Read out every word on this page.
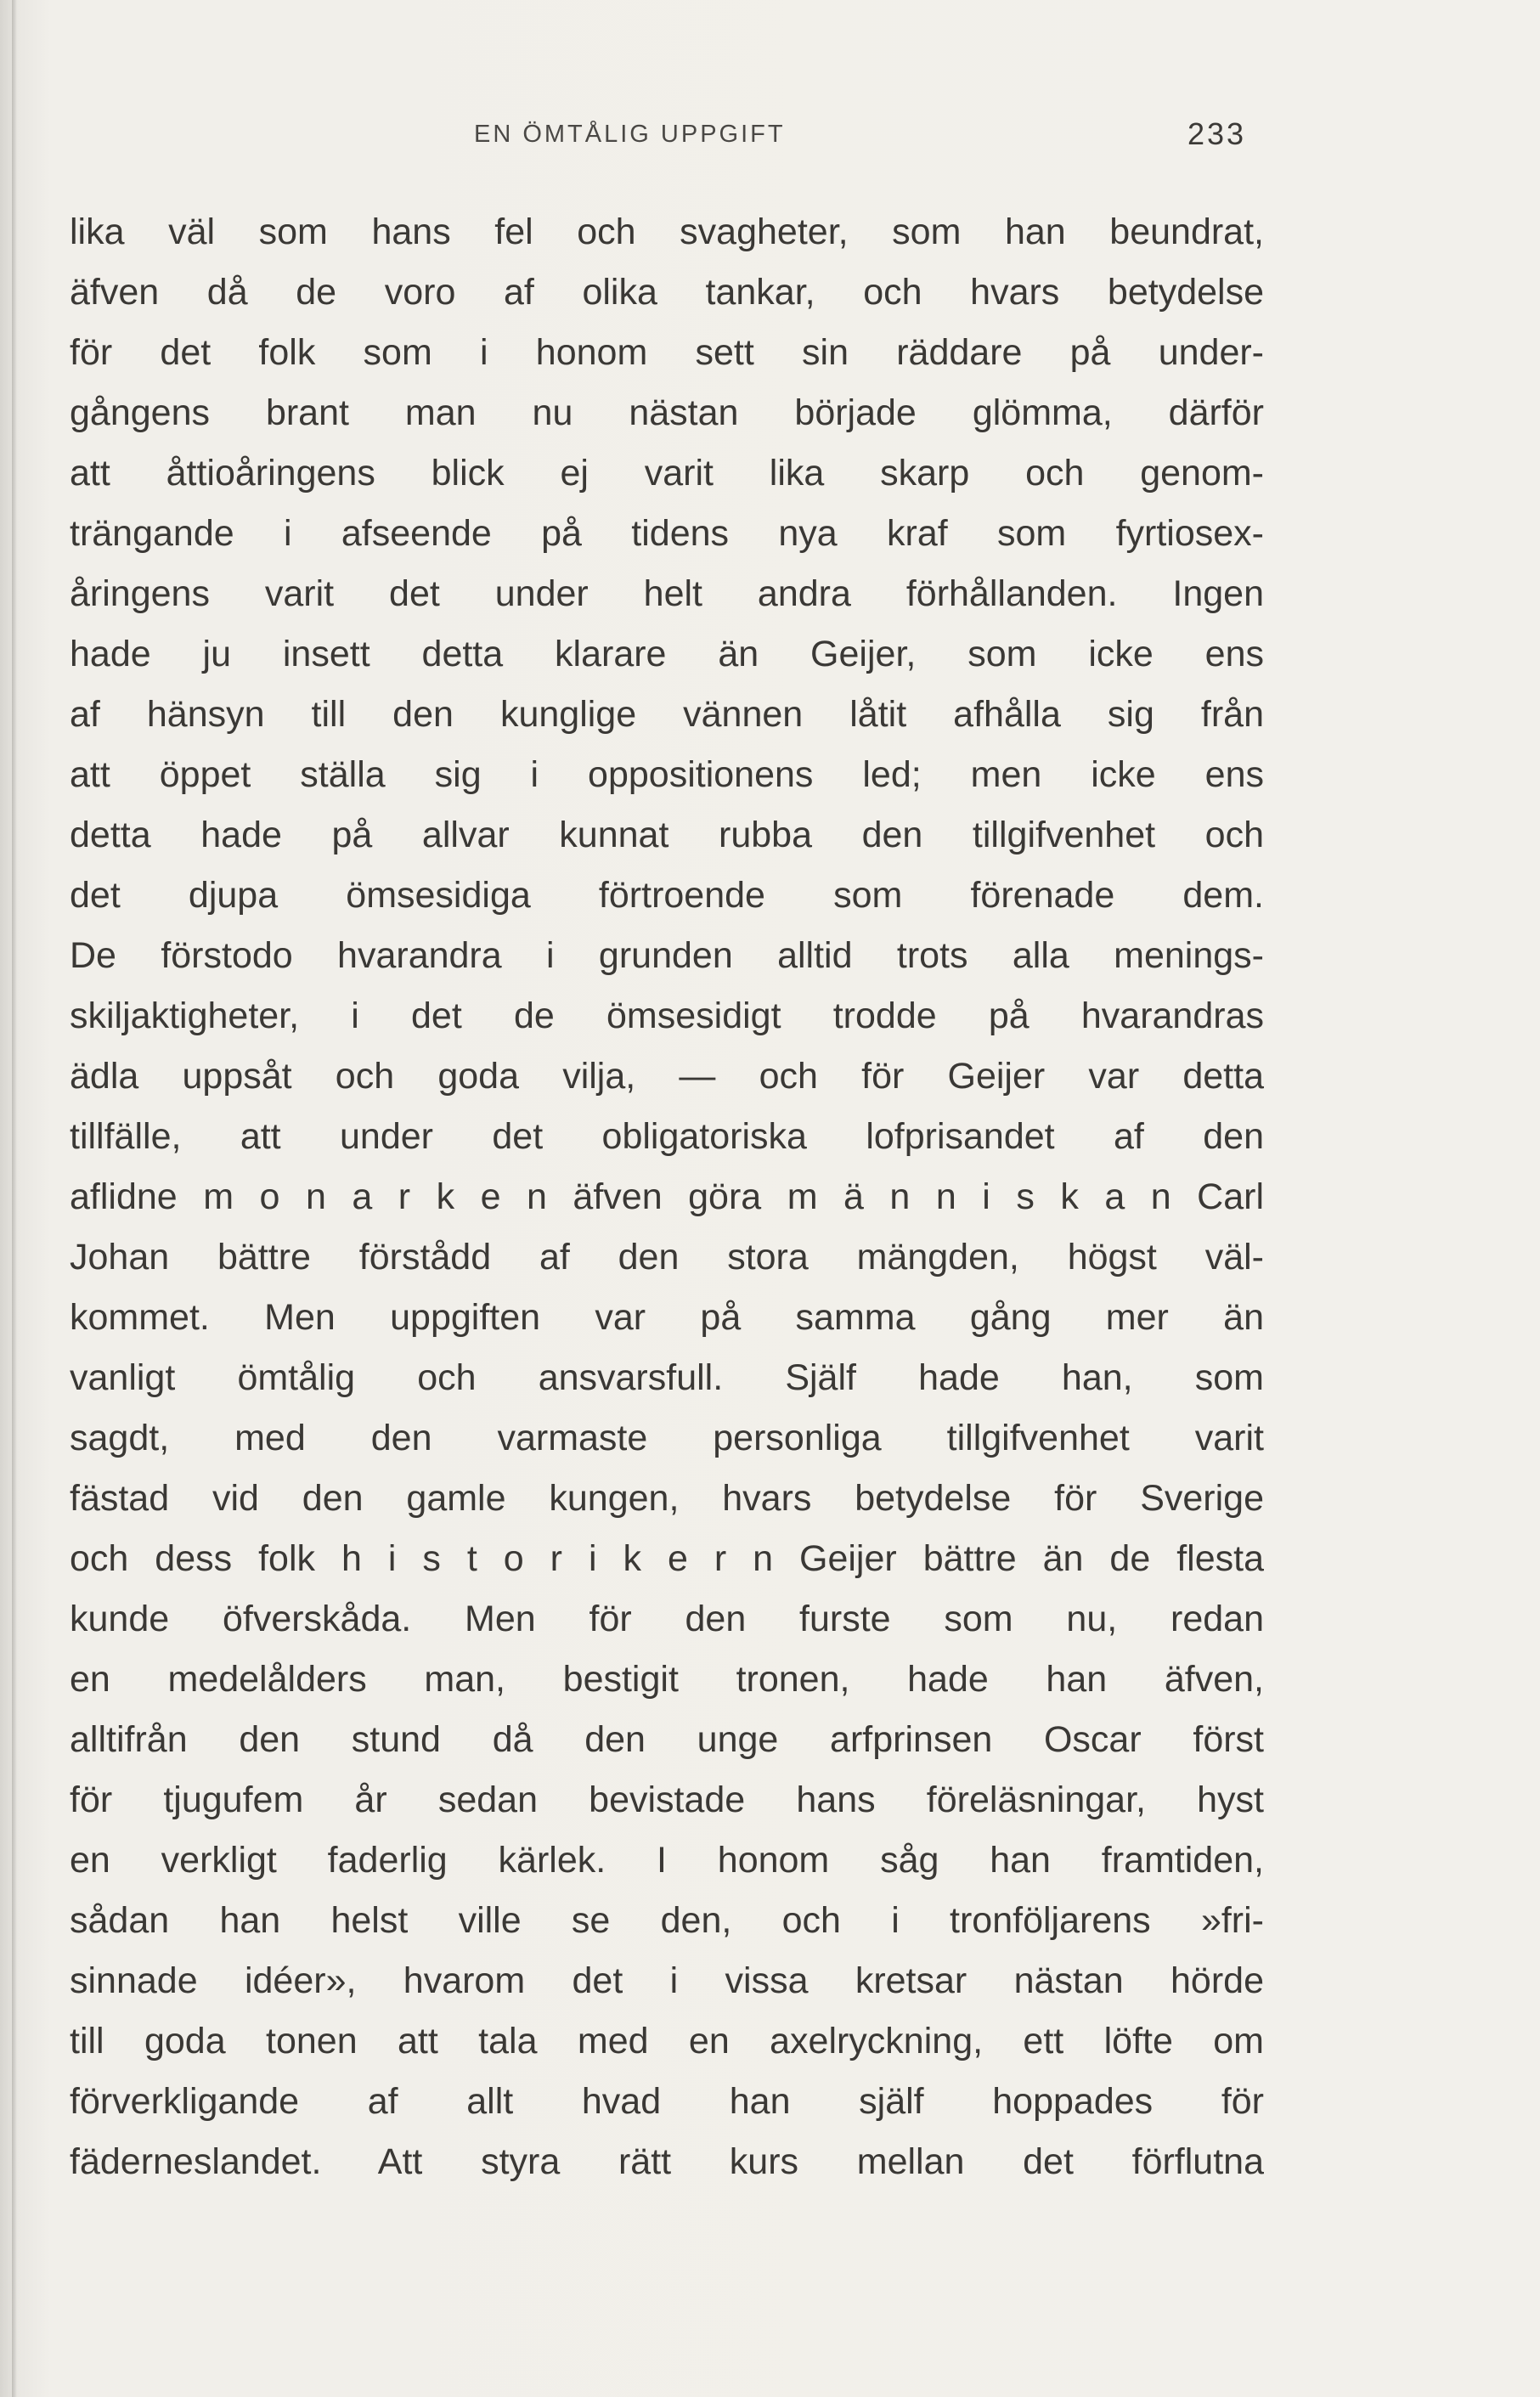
EN ÖMTÅLIG UPPGIFT	233
lika väl som hans fel och svagheter, som han beundrat,
äfven då de voro af olika tankar, och hvars betydelse
för det folk som i honom sett sin räddare på under-
gångens brant man nu nästan började glömma, därför
att åttioåringens blick ej varit lika skarp och genom-
trängande i afseende på tidens nya kraf som fyrtiosex-
åringens varit det under helt andra förhållanden. Ingen
hade ju insett detta klarare än Geijer, som icke ens
af hänsyn till den kunglige vännen låtit afhålla sig från
att öppet ställa sig i oppositionens led; men icke ens
detta hade på allvar kunnat rubba den tillgifvenhet och
det djupa ömsesidiga förtroende som förenade dem.
De förstodo hvarandra i grunden alltid trots alla menings-
skiljaktigheter, i det de ömsesidigt trodde på hvarandras
ädla uppsåt och goda vilja, — och för Geijer var detta
tillfälle, att under det obligatoriska lofprisandet af den
aflidne m o n a r k e n äfven göra m ä n n i s k a n Carl
Johan bättre förstådd af den stora mängden, högst väl-
kommet. Men uppgiften var på samma gång mer än
vanligt ömtålig och ansvarsfull. Själf hade han, som
sagdt, med den varmaste personliga tillgifvenhet varit
fästad vid den gamle kungen, hvars betydelse för Sverige
och dess folk h i s t o r i k e r n Geijer bättre än de flesta
kunde öfverskåda. Men för den furste som nu, redan
en medelålders man, bestigit tronen, hade han äfven,
alltifrån den stund då den unge arfprinsen Oscar först
för tjugufem år sedan bevistade hans föreläsningar, hyst
en verkligt faderlig kärlek. I honom såg han framtiden,
sådan han helst ville se den, och i tronföljarens »fri-
sinnade idéer», hvarom det i vissa kretsar nästan hörde
till goda tonen att tala med en axelryckning, ett löfte om
förverkligande af allt hvad han själf hoppades för
fäderneslandet. Att styra rätt kurs mellan det förflutna
